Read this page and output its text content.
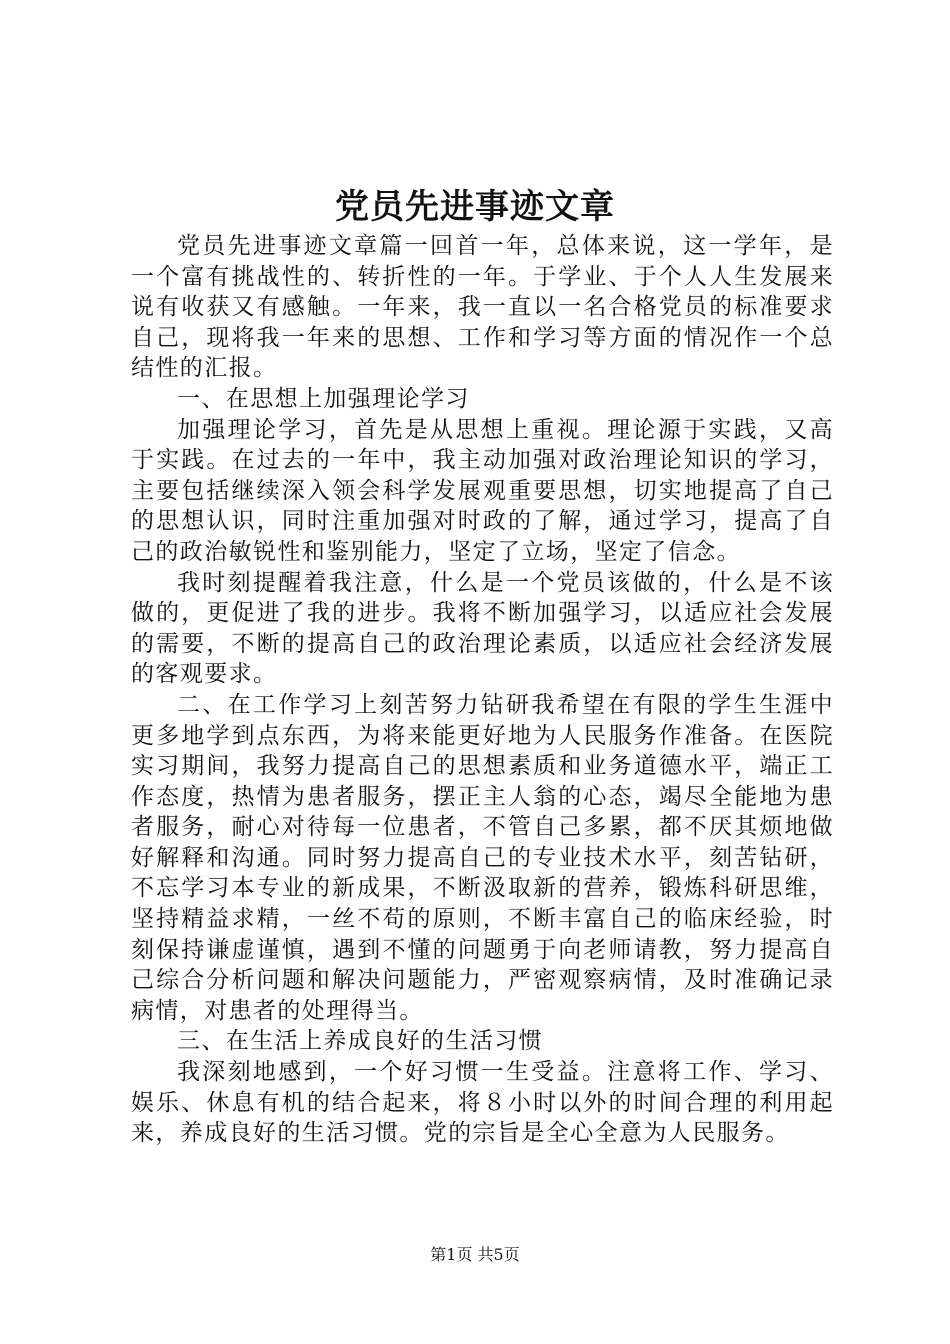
党员先进事迹文章

党员先进事迹文章篇一回首一年，总体来说，这一学年，是一个富有挑战性的、转折性的一年。于学业、于个人人生发展来说有收获又有感触。一年来，我一直以一名合格党员的标准要求自己，现将我一年来的思想、工作和学习等方面的情况作一个总结性的汇报。

一、在思想上加强理论学习

加强理论学习，首先是从思想上重视。理论源于实践，又高于实践。在过去的一年中，我主动加强对政治理论知识的学习，主要包括继续深入领会科学发展观重要思想，切实地提高了自己的思想认识，同时注重加强对时政的了解，通过学习，提高了自己的政治敏锐性和鉴别能力，坚定了立场，坚定了信念。

我时刻提醒着我注意，什么是一个党员该做的，什么是不该做的，更促进了我的进步。我将不断加强学习，以适应社会发展的需要，不断的提高自己的政治理论素质，以适应社会经济发展的客观要求。

二、在工作学习上刻苦努力钻研我希望在有限的学生生涯中更多地学到点东西，为将来能更好地为人民服务作准备。在医院实习期间，我努力提高自己的思想素质和业务道德水平，端正工作态度，热情为患者服务，摆正主人翁的心态，竭尽全能地为患者服务，耐心对待每一位患者，不管自己多累，都不厌其烦地做好解释和沟通。同时努力提高自己的专业技术水平，刻苦钻研，不忘学习本专业的新成果，不断汲取新的营养，锻炼科研思维，坚持精益求精，一丝不苟的原则，不断丰富自己的临床经验，时刻保持谦虚谨慎，遇到不懂的问题勇于向老师请教，努力提高自己综合分析问题和解决问题能力，严密观察病情，及时准确记录病情，对患者的处理得当。

三、在生活上养成良好的生活习惯

我深刻地感到，一个好习惯一生受益。注意将工作、学习、娱乐、休息有机的结合起来，将８小时以外的时间合理的利用起来，养成良好的生活习惯。党的宗旨是全心全意为人民服务。

第1页 共5页
